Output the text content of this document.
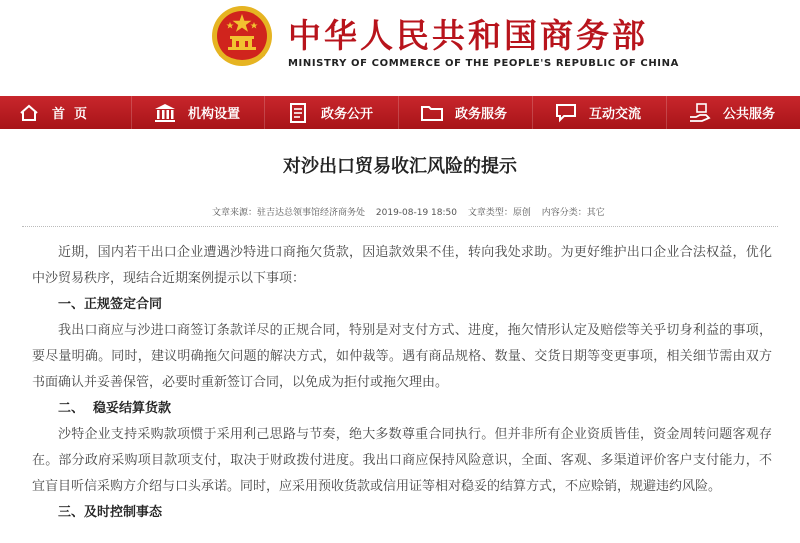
中华人民共和国商务部
MINISTRY OF COMMERCE OF THE PEOPLE'S REPUBLIC OF CHINA
首  页	机构设置	政务公开	政务服务	互动交流	公共服务
对沙出口贸易收汇风险的提示
文章来源：驻吉达总领事馆经济商务处 2019-08-19 18:50 文章类型：原创 内容分类：其它

近期，国内若干出口企业遭遇沙特进口商拖欠货款，因追款效果不佳，转向我处求助。为更好维护出口企业合法权益，优化中沙贸易秩序，现结合近期案例提示以下事项：

一、正规签定合同

我出口商应与沙进口商签订条款详尽的正规合同，特别是对支付方式、进度，拖欠情形认定及赔偿等关乎切身利益的事项，要尽量明确。同时，建议明确拖欠问题的解决方式，如仲裁等。遇有商品规格、数量、交货日期等变更事项，相关细节需由双方书面确认并妥善保管，必要时重新签订合同，以免成为拒付或拖欠理由。

二、  稳妥结算货款

沙特企业支持采购款项惯于采用利己思路与节奏，绝大多数尊重合同执行。但并非所有企业资质皆佳，资金周转问题客观存在。部分政府采购项目款项支付，取决于财政拨付进度。我出口商应保持风险意识，全面、客观、多渠道评价客户支付能力，不宜盲目听信采购方介绍与口头承诺。同时，应采用预收货款或信用证等相对稳妥的结算方式，不应赊销，规避违约风险。

三、及时控制事态
